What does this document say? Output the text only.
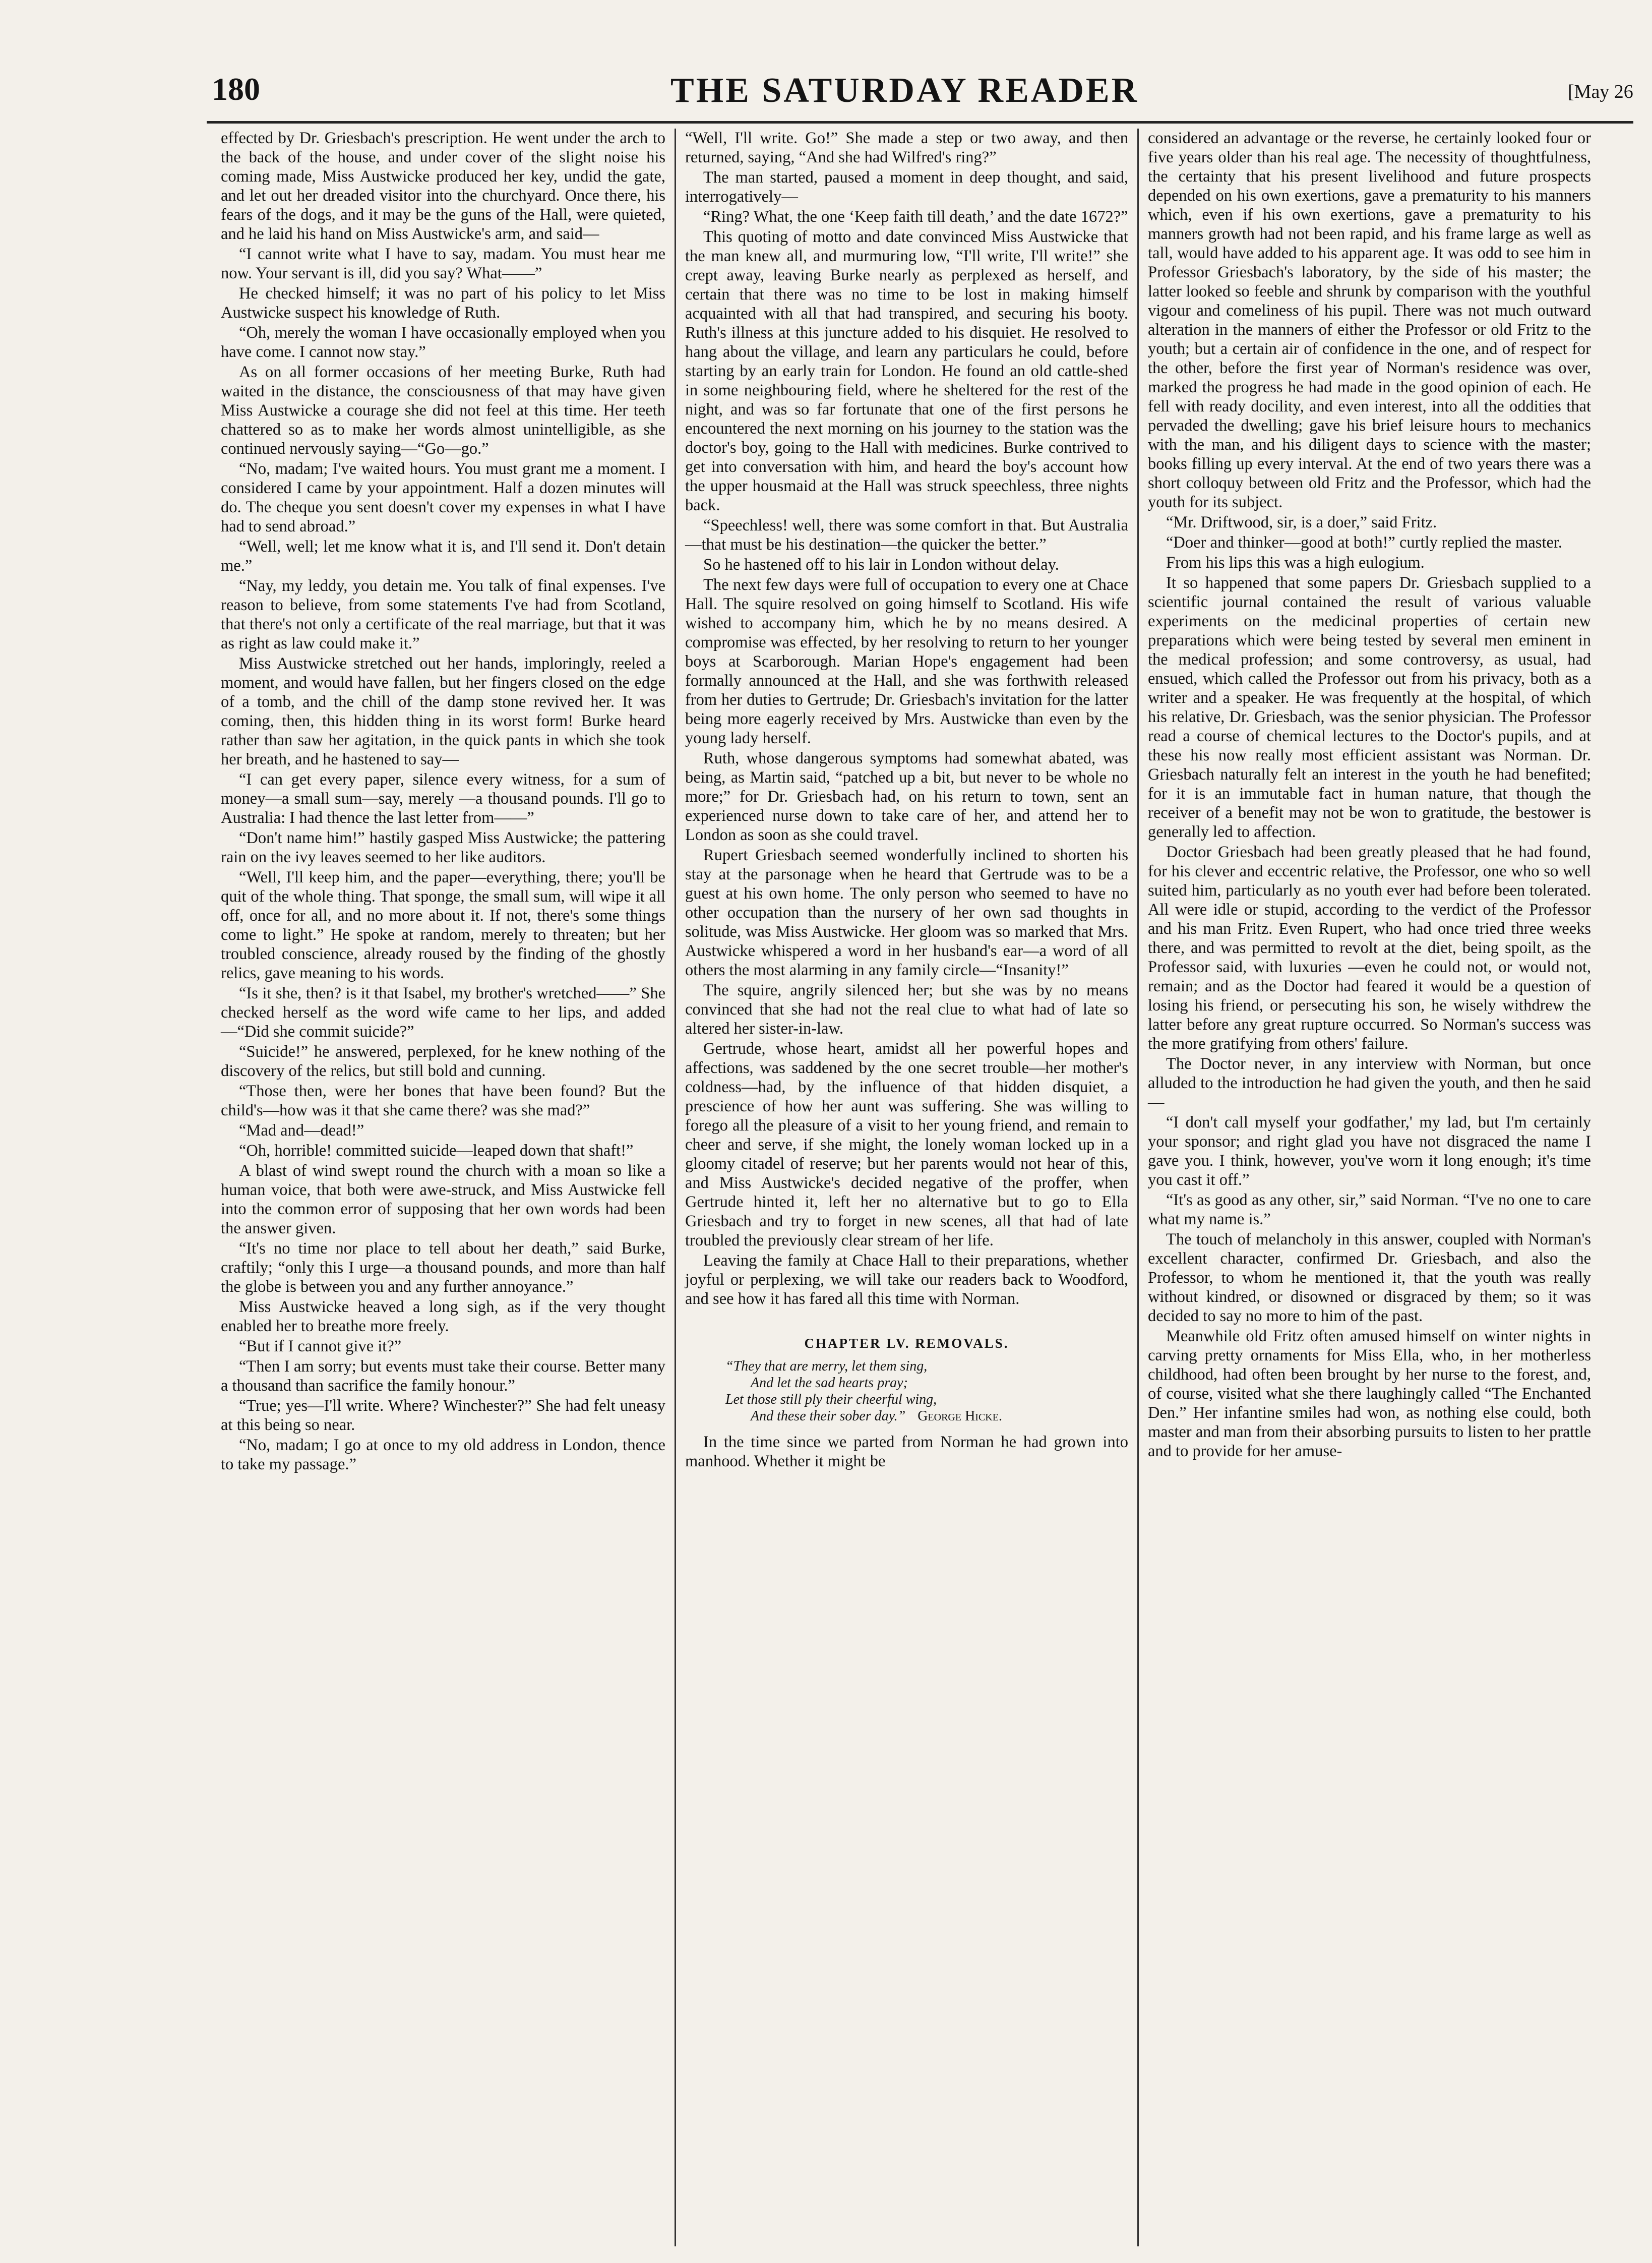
180	THE SATURDAY READER	[May 26

effected by Dr. Griesbach's prescription. He went under the arch to the back of the house, and under cover of the slight noise his coming made, Miss Austwicke produced her key, undid the gate, and let out her dreaded visitor into the churchyard. Once there, his fears of the dogs, and it may be the guns of the Hall, were quieted, and he laid his hand on Miss Austwicke's arm, and said—

“I cannot write what I have to say, madam. You must hear me now. Your servant is ill, did you say? What——”

He checked himself; it was no part of his policy to let Miss Austwicke suspect his knowledge of Ruth.

“Oh, merely the woman I have occasionally employed when you have come. I cannot now stay.”

As on all former occasions of her meeting Burke, Ruth had waited in the distance, the consciousness of that may have given Miss Austwicke a courage she did not feel at this time. Her teeth chattered so as to make her words almost unintelligible, as she continued nervously saying—“Go—go.”

“No, madam; I've waited hours. You must grant me a moment. I considered I came by your appointment. Half a dozen minutes will do. The cheque you sent doesn't cover my expenses in what I have had to send abroad.”

“Well, well; let me know what it is, and I'll send it. Don't detain me.”

“Nay, my leddy, you detain me. You talk of final expenses. I've reason to believe, from some statements I've had from Scotland, that there's not only a certificate of the real marriage, but that it was as right as law could make it.”

Miss Austwicke stretched out her hands, imploringly, reeled a moment, and would have fallen, but her fingers closed on the edge of a tomb, and the chill of the damp stone revived her. It was coming, then, this hidden thing in its worst form! Burke heard rather than saw her agitation, in the quick pants in which she took her breath, and he hastened to say—

“I can get every paper, silence every witness, for a sum of money—a small sum—say, merely —a thousand pounds. I'll go to Australia: I had thence the last letter from——”

“Don't name him!” hastily gasped Miss Austwicke; the pattering rain on the ivy leaves seemed to her like auditors.

“Well, I'll keep him, and the paper—everything, there; you'll be quit of the whole thing. That sponge, the small sum, will wipe it all off, once for all, and no more about it. If not, there's some things come to light.” He spoke at random, merely to threaten; but her troubled conscience, already roused by the finding of the ghostly relics, gave meaning to his words.

“Is it she, then? is it that Isabel, my brother's wretched——” She checked herself as the word wife came to her lips, and added—“Did she commit suicide?”

“Suicide!” he answered, perplexed, for he knew nothing of the discovery of the relics, but still bold and cunning.

“Those then, were her bones that have been found? But the child's—how was it that she came there? was she mad?”

“Mad and—dead!”

“Oh, horrible! committed suicide—leaped down that shaft!”

A blast of wind swept round the church with a moan so like a human voice, that both were awe-struck, and Miss Austwicke fell into the common error of supposing that her own words had been the answer given.

“It's no time nor place to tell about her death,” said Burke, craftily; “only this I urge—a thousand pounds, and more than half the globe is between you and any further annoyance.”

Miss Austwicke heaved a long sigh, as if the very thought enabled her to breathe more freely.

“But if I cannot give it?”

“Then I am sorry; but events must take their course. Better many a thousand than sacrifice the family honour.”

“True; yes—I'll write. Where? Winchester?” She had felt uneasy at this being so near.

“No, madam; I go at once to my old address in London, thence to take my passage.”

“Well, I'll write. Go!” She made a step or two away, and then returned, saying, “And she had Wilfred's ring?”

The man started, paused a moment in deep thought, and said, interrogatively—

“Ring? What, the one ‘Keep faith till death,’ and the date 1672?”

This quoting of motto and date convinced Miss Austwicke that the man knew all, and murmuring low, “I'll write, I'll write!” she crept away, leaving Burke nearly as perplexed as herself, and certain that there was no time to be lost in making himself acquainted with all that had transpired, and securing his booty. Ruth's illness at this juncture added to his disquiet. He resolved to hang about the village, and learn any particulars he could, before starting by an early train for London. He found an old cattle-shed in some neighbouring field, where he sheltered for the rest of the night, and was so far fortunate that one of the first persons he encountered the next morning on his journey to the station was the doctor's boy, going to the Hall with medicines. Burke contrived to get into conversation with him, and heard the boy's account how the upper housmaid at the Hall was struck speechless, three nights back.

“Speechless! well, there was some comfort in that. But Australia—that must be his destination—the quicker the better.”

So he hastened off to his lair in London without delay.

The next few days were full of occupation to every one at Chace Hall. The squire resolved on going himself to Scotland. His wife wished to accompany him, which he by no means desired. A compromise was effected, by her resolving to return to her younger boys at Scarborough. Marian Hope's engagement had been formally announced at the Hall, and she was forthwith released from her duties to Gertrude; Dr. Griesbach's invitation for the latter being more eagerly received by Mrs. Austwicke than even by the young lady herself.

Ruth, whose dangerous symptoms had somewhat abated, was being, as Martin said, “patched up a bit, but never to be whole no more;” for Dr. Griesbach had, on his return to town, sent an experienced nurse down to take care of her, and attend her to London as soon as she could travel.

Rupert Griesbach seemed wonderfully inclined to shorten his stay at the parsonage when he heard that Gertrude was to be a guest at his own home. The only person who seemed to have no other occupation than the nursery of her own sad thoughts in solitude, was Miss Austwicke. Her gloom was so marked that Mrs. Austwicke whispered a word in her husband's ear—a word of all others the most alarming in any family circle—“Insanity!”

The squire, angrily silenced her; but she was by no means convinced that she had not the real clue to what had of late so altered her sister-in-law.

Gertrude, whose heart, amidst all her powerful hopes and affections, was saddened by the one secret trouble—her mother's coldness—had, by the influence of that hidden disquiet, a prescience of how her aunt was suffering. She was willing to forego all the pleasure of a visit to her young friend, and remain to cheer and serve, if she might, the lonely woman locked up in a gloomy citadel of reserve; but her parents would not hear of this, and Miss Austwicke's decided negative of the proffer, when Gertrude hinted it, left her no alternative but to go to Ella Griesbach and try to forget in new scenes, all that had of late troubled the previously clear stream of her life.

Leaving the family at Chace Hall to their preparations, whether joyful or perplexing, we will take our readers back to Woodford, and see how it has fared all this time with Norman.

CHAPTER LV. REMOVALS.
“They that are merry, let them sing,
And let the sad hearts pray;
Let those still ply their cheerful wing,
And these their sober day.” George Hicke.

In the time since we parted from Norman he had grown into manhood. Whether it might be

considered an advantage or the reverse, he certainly looked four or five years older than his real age. The necessity of thoughtfulness, the certainty that his present livelihood and future prospects depended on his own exertions, gave a prematurity to his manners which, even if his own exertions, gave a prematurity to his manners growth had not been rapid, and his frame large as well as tall, would have added to his apparent age. It was odd to see him in Professor Griesbach's laboratory, by the side of his master; the latter looked so feeble and shrunk by comparison with the youthful vigour and comeliness of his pupil. There was not much outward alteration in the manners of either the Professor or old Fritz to the youth; but a certain air of confidence in the one, and of respect for the other, before the first year of Norman's residence was over, marked the progress he had made in the good opinion of each. He fell with ready docility, and even interest, into all the oddities that pervaded the dwelling; gave his brief leisure hours to mechanics with the man, and his diligent days to science with the master; books filling up every interval. At the end of two years there was a short colloquy between old Fritz and the Professor, which had the youth for its subject.

“Mr. Driftwood, sir, is a doer,” said Fritz.

“Doer and thinker—good at both!” curtly replied the master.

From his lips this was a high eulogium.

It so happened that some papers Dr. Griesbach supplied to a scientific journal contained the result of various valuable experiments on the medicinal properties of certain new preparations which were being tested by several men eminent in the medical profession; and some controversy, as usual, had ensued, which called the Professor out from his privacy, both as a writer and a speaker. He was frequently at the hospital, of which his relative, Dr. Griesbach, was the senior physician. The Professor read a course of chemical lectures to the Doctor's pupils, and at these his now really most efficient assistant was Norman. Dr. Griesbach naturally felt an interest in the youth he had benefited; for it is an immutable fact in human nature, that though the receiver of a benefit may not be won to gratitude, the bestower is generally led to affection.

Doctor Griesbach had been greatly pleased that he had found, for his clever and eccentric relative, the Professor, one who so well suited him, particularly as no youth ever had before been tolerated. All were idle or stupid, according to the verdict of the Professor and his man Fritz. Even Rupert, who had once tried three weeks there, and was permitted to revolt at the diet, being spoilt, as the Professor said, with luxuries —even he could not, or would not, remain; and as the Doctor had feared it would be a question of losing his friend, or persecuting his son, he wisely withdrew the latter before any great rupture occurred. So Norman's success was the more gratifying from others' failure.

The Doctor never, in any interview with Norman, but once alluded to the introduction he had given the youth, and then he said—

“I don't call myself your godfather,' my lad, but I'm certainly your sponsor; and right glad you have not disgraced the name I gave you. I think, however, you've worn it long enough; it's time you cast it off.”

“It's as good as any other, sir,” said Norman. “I've no one to care what my name is.”

The touch of melancholy in this answer, coupled with Norman's excellent character, confirmed Dr. Griesbach, and also the Professor, to whom he mentioned it, that the youth was really without kindred, or disowned or disgraced by them; so it was decided to say no more to him of the past.

Meanwhile old Fritz often amused himself on winter nights in carving pretty ornaments for Miss Ella, who, in her motherless childhood, had often been brought by her nurse to the forest, and, of course, visited what she there laughingly called “The Enchanted Den.” Her infantine smiles had won, as nothing else could, both master and man from their absorbing pursuits to listen to her prattle and to provide for her amuse-
